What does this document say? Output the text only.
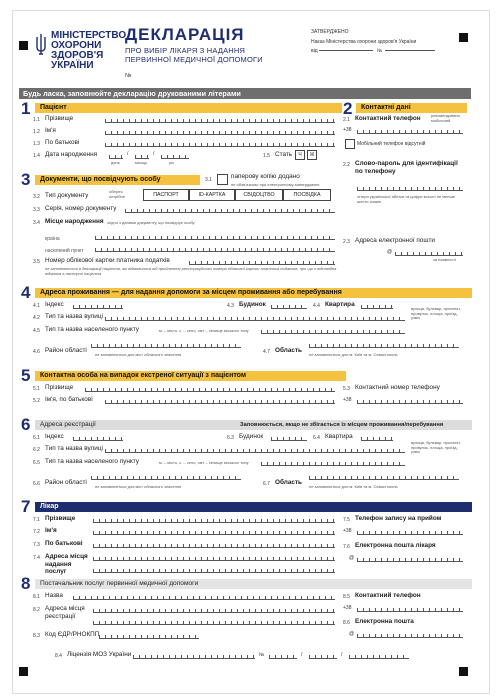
МІНІСТЕРСТВО
ОХОРОНИ
ЗДОРОВ'Я
УКРАЇНИ
ДЕКЛАРАЦІЯ
ПРО ВИБІР ЛІКАРЯ З НАДАННЯ
ПЕРВИННОЇ МЕДИЧНОЇ ДОПОМОГИ
№
ЗАТВЕРДЖЕНО
Наказ Міністерства охорони здоров'я України
від	№
Будь ласка, заповнюйте декларацію друкованими літерами
1	Пацієнт
1.1 Прізвище
1.2 Ім'я
1.3 По батькові
1.4 Дата народження	/	/
день	місяць	рік
1.5 Стать	Ч	Ж
2	Контактні дані
2.1 Контактний телефон	рекомендовано мобільний
+38
Мобільний телефон відсутній
2.2 Слово-пароль для ідентифікації по телефону
літери української абетки та цифри всього не менше шести знаків
2.3 Адреса електронної пошти
@
за наявності
3	Документи, що посвідчують особу	3.1	паперову копію додано
не обов'язково при електронному затвердженні
3.2 Тип документу
оберіть потрібне	ПАСПОРТ	ID-КАРТКА	СВІДОЦТВО	ПОСВІДКА
3.3 Серія, номер документу
3.4 Місце народження згідно з даними документу, що посвідчує особу
країна
населений пункт
3.5 Номер облікової картки платника податків
не заповнюється в декларації пацієнта, які відмовилися від прийняття реєстраційного номера облікової картки платника податків, про що є відповідна відмітка в паспорті пацієнта
4	Адреса проживання — для надання допомоги за місцем проживання або перебування
4.1 Індекс	4.3 Будинок	4.4 Квартира
4.2 Тип та назва вулиці
вулиця, бульвар, проспект, провулок, площа, проїзд, узвіз
4.5 Тип та назва населеного пункту	м. – місто, с. – село, смт – селище міського типу
4.6 Район області
не заповнюється для міст обласного значення	4.7 Область
не заповнюється для м. Київ та м. Севастополь
5	Контактна особа на випадок екстреної ситуації з пацієнтом
5.1 Прізвище
5.2 Ім'я, по батькові
5.3 Контактний номер телефону
+38
6	Адреса реєстрації	Заповнюється, якщо не збігається із місцем проживання/перебування
6.1 Індекс	6.3 Будинок	6.4 Квартира
6.2 Тип та назва вулиці
вулиця, бульвар, проспект, провулок, площа, проїзд, узвіз
6.5 Тип та назва населеного пункту	м. – місто, с. – село, смт – селище міського типу
6.6 Район області
не заповнюється для міст обласного значення	6.7 Область
не заповнюється для м. Київ та м. Севастополь
7	Лікар
7.1 Прізвище
7.2 Ім'я
7.3 По батькові
7.4 Адреса місця надання послуг
7.5 Телефон запису на прийом
+38
7.6 Електронна пошта лікаря
@
8	Постачальник послуг первинної медичної допомоги
8.1 Назва
8.2 Адреса місця реєстрації
8.3 Код ЄДР/РНОКПП
8.4 Ліцензія МОЗ України	№	/	/
8.5 Контактний телефон
+38
8.6 Електронна пошта
@
